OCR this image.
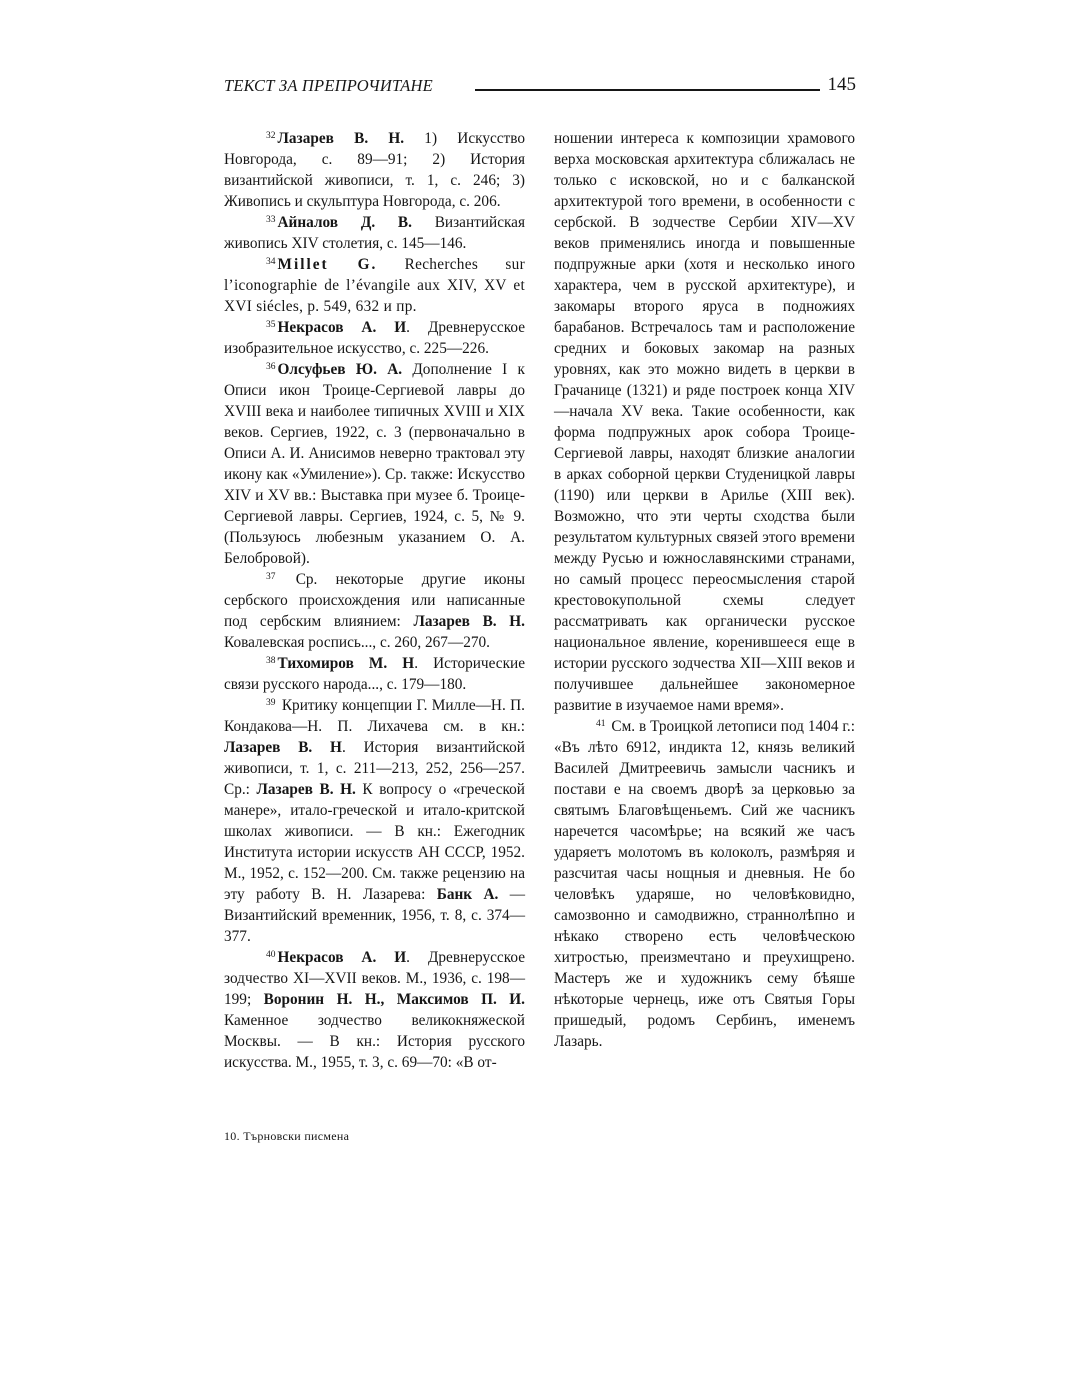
ТЕКСТ ЗА ПРЕПРОЧИТАНЕ	145

$^{32}$ Лазарев В. Н. 1) Искусство Новгорода, с. 89—91; 2) История византийской живописи, т. 1, с. 246; 3) Живопись и скульптура Новгорода, с. 206.

$^{33}$ Айналов Д. В. Византийская живопись XIV столетия, с. 145—146.

$^{34}$ Millet G. Recherches sur l’iconographie de l’évangile aux XIV, XV et XVI siécles, p. 549, 632 и пр.

$^{35}$ Некрасов А. И. Древнерусское изобразительное искусство, с. 225—226.

$^{36}$ Олсуфьев Ю. А. Дополнение I к Описи икон Троице-Сергиевой лавры до XVIII века и наиболее типичных XVIII и XIX веков. Сергиев, 1922, с. 3 (первоначально в Описи А. И. Анисимов неверно трактовал эту икону как «Умиление»). Ср. также: Искусство XIV и XV вв.: Выставка при музее б. Троице-Сергиевой лавры. Сергиев, 1924, с. 5, № 9. (Пользуюсь любезным указанием О. А. Белобровой).

$^{37}$ Ср. некоторые другие иконы сербского происхождения или написанные под сербским влиянием: Лазарев В. Н. Ковалевская роспись..., с. 260, 267—270.

$^{38}$ Тихомиров М. Н. Исторические связи русского народа..., с. 179—180.

$^{39}$ Критику концепции Г. Милле—Н. П. Кондакова—Н. П. Лихачева см. в кн.: Лазарев В. Н. История византийской живописи, т. 1, с. 211—213, 252, 256—257. Ср.: Лазарев В. Н. К вопросу о «греческой манере», итало-греческой и итало-критской школах живописи. — В кн.: Ежегодник Института истории искусств АН СССР, 1952. М., 1952, с. 152—200. См. также рецензию на эту работу В. Н. Лазарева: Банк А. — Византийский временник, 1956, т. 8, с. 374—377.

$^{40}$ Некрасов А. И. Древнерусское зодчество XI—XVII веков. М., 1936, с. 198—199; Воронин Н. Н., Максимов П. И. Каменное зодчество великокняжеской Москвы. — В кн.: История русского искусства. М., 1955, т. 3, с. 69—70: «В от-

ношении интереса к композиции храмового верха московская архитектура сближалась не только с исковской, но и с балканской архитектурой того времени, в особенности с сербской. В зодчестве Сербии XIV—XV веков применялись иногда и повышенные подпружные арки (хотя и несколько иного характера, чем в русской архитектуре), и закомары второго яруса в подножиях барабанов. Встречалось там и расположение средних и боковых закомар на разных уровнях, как это можно видеть в церкви в Грачанице (1321) и ряде построек конца XIV—начала XV века. Такие особенности, как форма подпружных арок собора Троице-Сергиевой лавры, находят близкие аналогии в арках соборной церкви Студеницкой лавры (1190) или церкви в Арилье (XIII век). Возможно, что эти черты сходства были результатом культурных связей этого времени между Русью и южнославянскими странами, но самый процесс переосмысления старой крестовокупольной схемы следует рассматривать как органически русское национальное явление, коренившееся еще в истории русского зодчества XII—XIII веков и получившее дальнейшее закономерное развитие в изучаемое нами время».

$^{41}$ См. в Троицкой летописи под 1404 г.: «Въ лѣто 6912, индикта 12, князь великий Василей Дмитреевичь замысли часникъ и постави е на своемъ дворѣ за церковью за святымъ Благовѣщеньемъ. Сий же часникъ наречется часомѣрье; на всякий же часъ ударяетъ молотомъ въ колоколъ, размѣряя и разсчитая часы нощныя и дневныя. Не бо человѣкъ ударяше, но человѣковидно, самозвонно и самодвижно, страннолѣпно и нѣкако створено есть человѣческою хитростью, преизмечтано и преухищрено. Мастеръ же и художникъ сему бѣяше нѣкоторые чернець, иже отъ Святыя Горы пришедый, родомъ Сербинъ, именемъ Лазарь.

10. Търновски писмена
